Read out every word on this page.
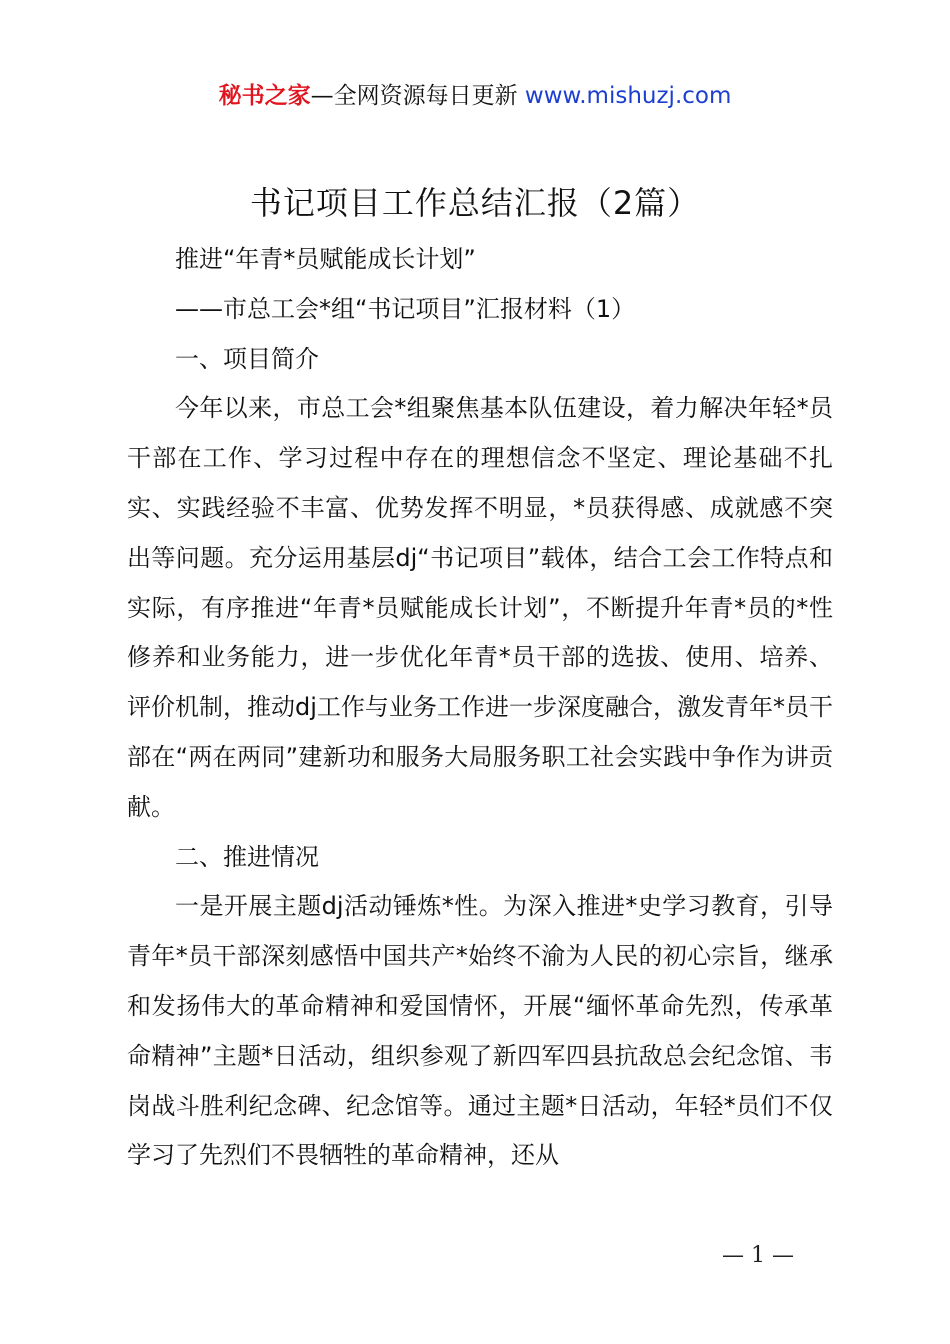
秘书之家—全网资源每日更新 www.mishuzj.com
书记项目工作总结汇报（2篇）

推进“年青*员赋能成长计划”

——市总工会*组“书记项目”汇报材料（1）

一、项目简介

今年以来，市总工会*组聚焦基本队伍建设，着力解决年轻*员干部在工作、学习过程中存在的理想信念不坚定、理论基础不扎实、实践经验不丰富、优势发挥不明显，*员获得感、成就感不突出等问题。充分运用基层dj“书记项目”载体，结合工会工作特点和实际，有序推进“年青*员赋能成长计划”，不断提升年青*员的*性修养和业务能力，进一步优化年青*员干部的选拔、使用、培养、评价机制，推动dj工作与业务工作进一步深度融合，激发青年*员干部在“两在两同”建新功和服务大局服务职工社会实践中争作为讲贡献。

二、推进情况

一是开展主题dj活动锤炼*性。为深入推进*史学习教育，引导青年*员干部深刻感悟中国共产*始终不渝为人民的初心宗旨，继承和发扬伟大的革命精神和爱国情怀，开展“缅怀革命先烈，传承革命精神”主题*日活动，组织参观了新四军四县抗敌总会纪念馆、韦岗战斗胜利纪念碑、纪念馆等。通过主题*日活动，年轻*员们不仅学习了先烈们不畏牺牲的革命精神，还从

— 1 —
